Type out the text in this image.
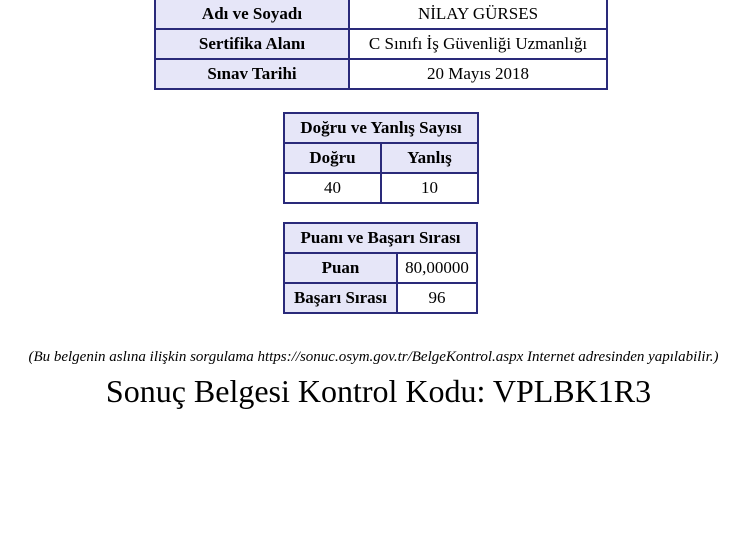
Adı ve Soyadı	NİLAY GÜRSES
Sertifika Alanı	C Sınıfı İş Güvenliği Uzmanlığı
Sınav Tarihi	20 Mayıs 2018
Doğru ve Yanlış Sayısı	
Doğru	Yanlış
40	10
Puanı ve Başarı Sırası	
Puan	80,00000
Başarı Sırası	96
(Bu belgenin aslına ilişkin sorgulama https://sonuc.osym.gov.tr/BelgeKontrol.aspx Internet adresinden yapılabilir.)
Sonuç Belgesi Kontrol Kodu: VPLBK1R3
